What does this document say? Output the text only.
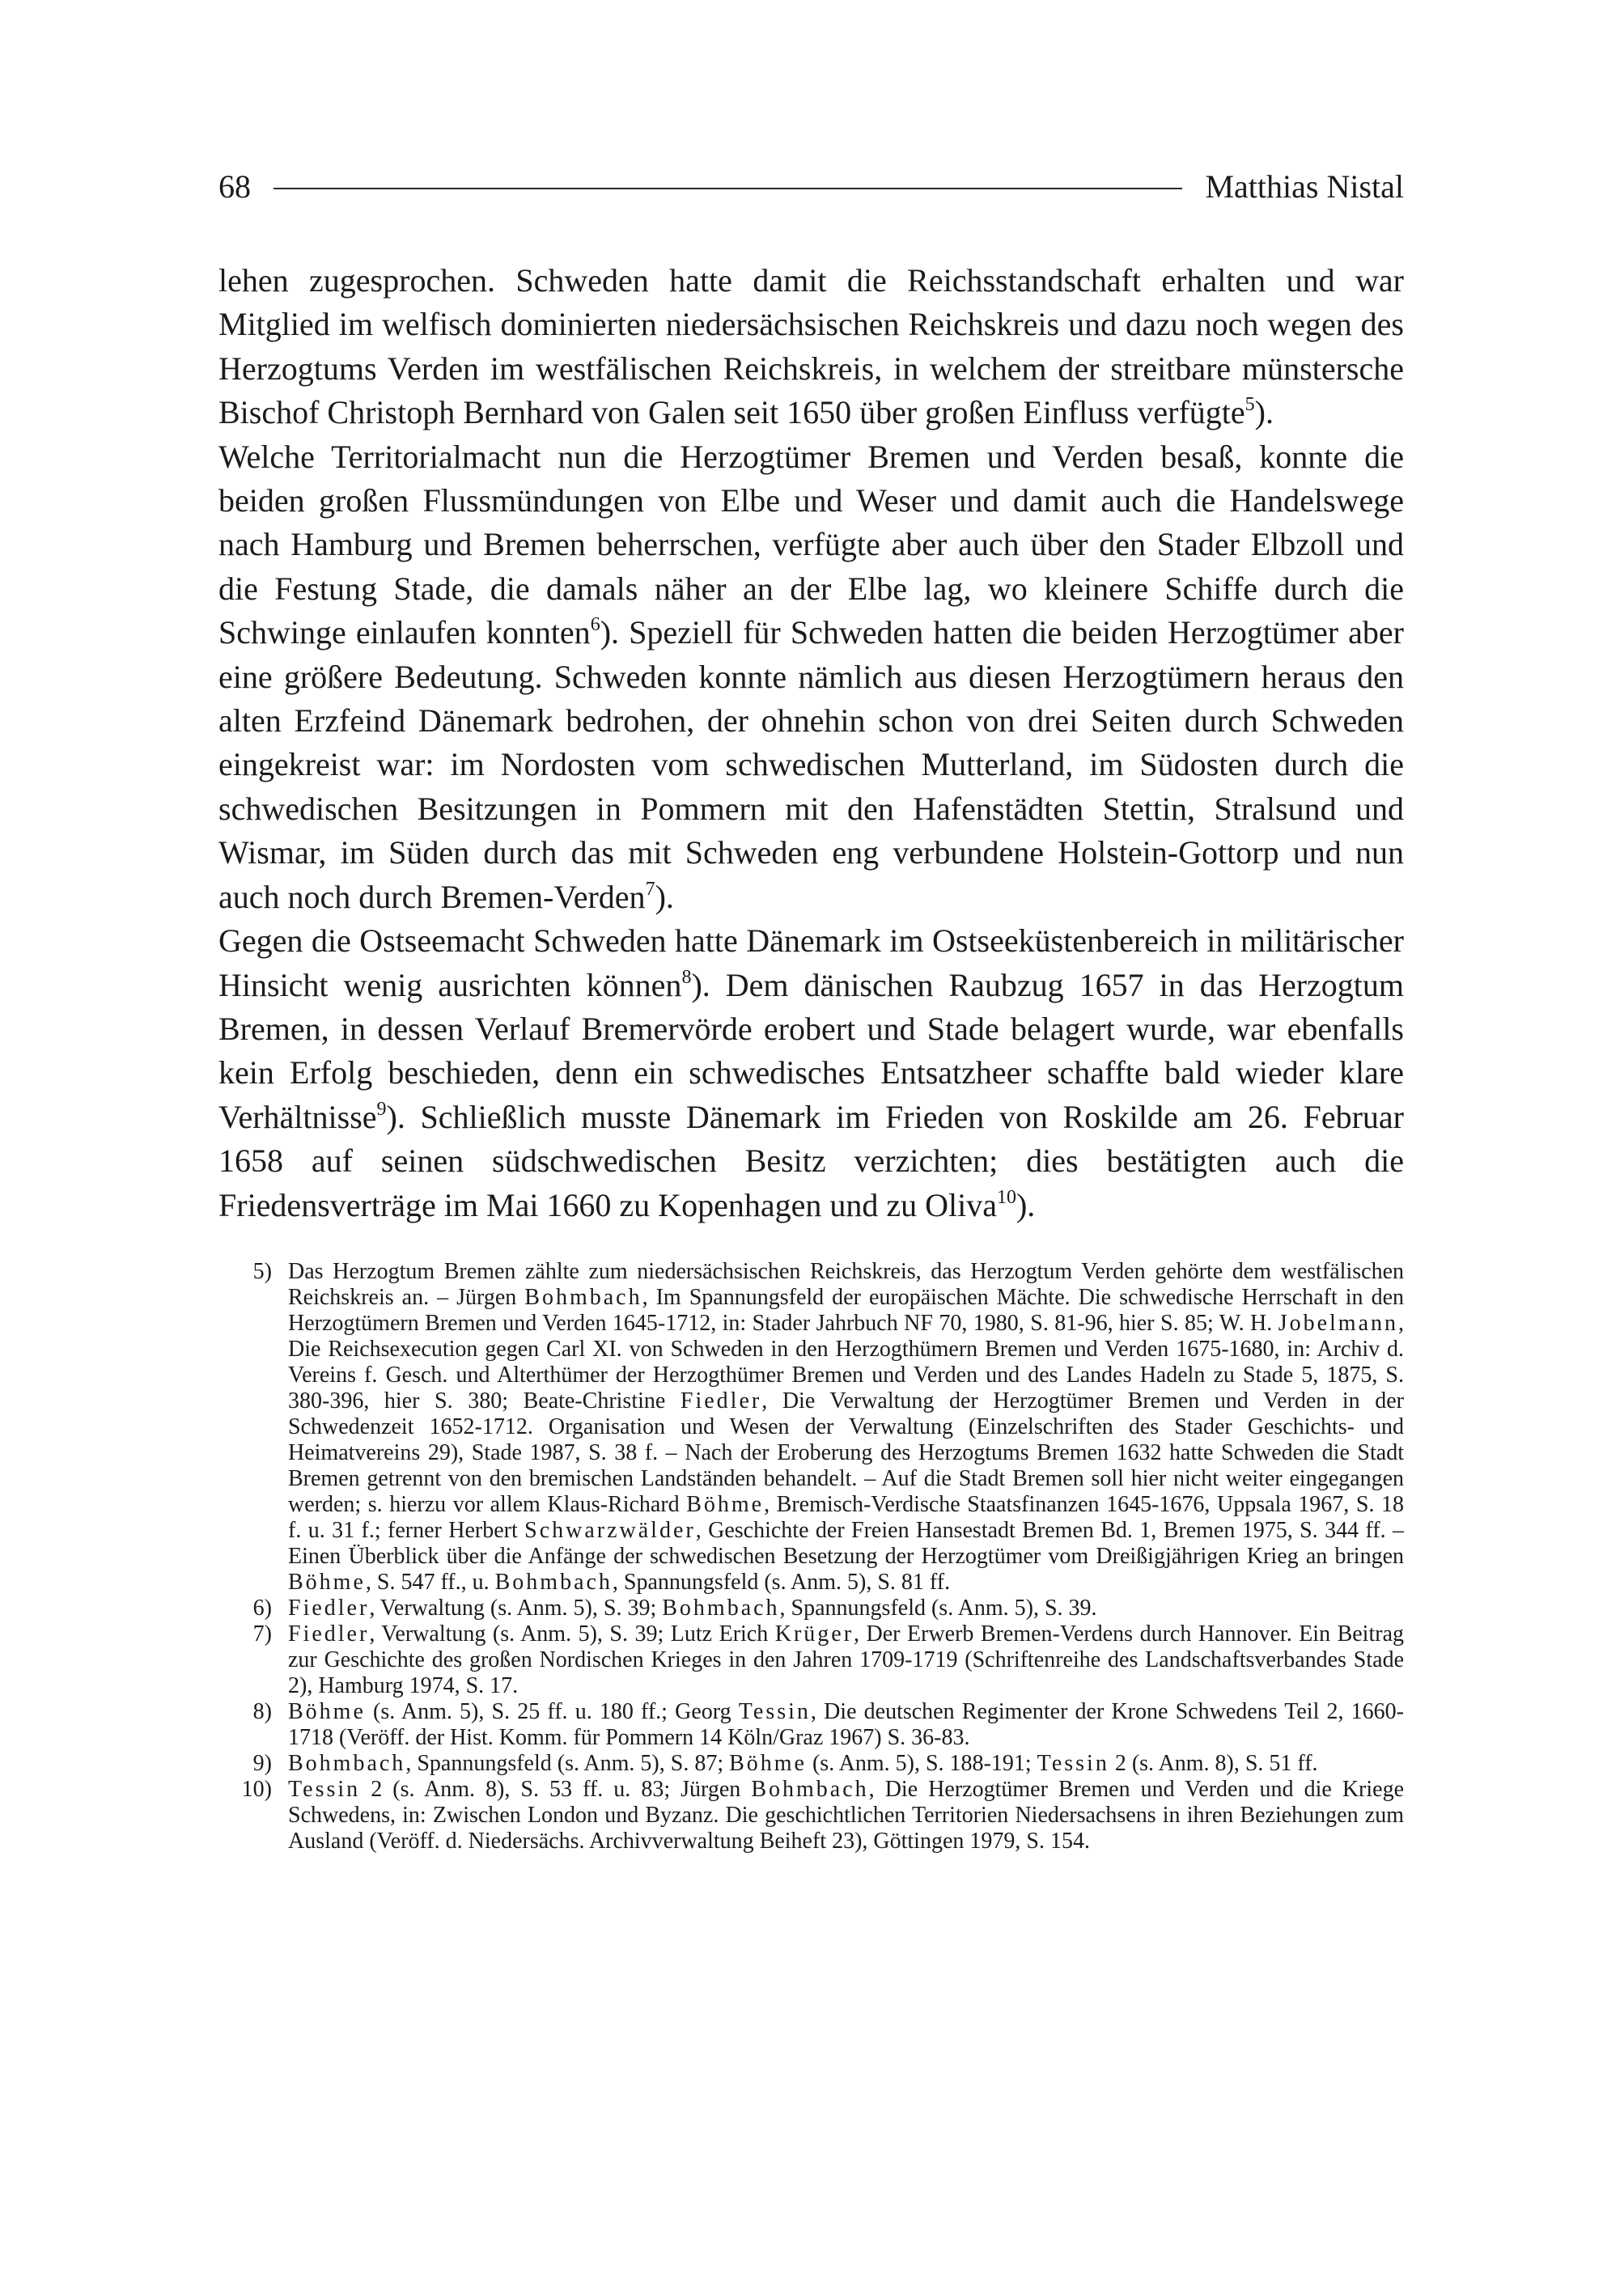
68	Matthias Nistal

lehen zugesprochen. Schweden hatte damit die Reichsstandschaft erhalten und war Mitglied im welfisch dominierten niedersächsischen Reichskreis und dazu noch wegen des Herzogtums Verden im westfälischen Reichskreis, in welchem der streitbare münstersche Bischof Christoph Bernhard von Galen seit 1650 über großen Einfluss verfügte$^5$).

Welche Territorialmacht nun die Herzogtümer Bremen und Verden besaß, konnte die beiden großen Flussmündungen von Elbe und Weser und damit auch die Handelswege nach Hamburg und Bremen beherrschen, verfügte aber auch über den Stader Elbzoll und die Festung Stade, die damals näher an der Elbe lag, wo kleinere Schiffe durch die Schwinge einlaufen konnten$^6$). Speziell für Schweden hatten die beiden Herzogtümer aber eine größere Bedeutung. Schweden konnte nämlich aus diesen Herzogtümern heraus den alten Erzfeind Dänemark bedrohen, der ohnehin schon von drei Seiten durch Schweden eingekreist war: im Nordosten vom schwedischen Mutterland, im Südosten durch die schwedischen Besitzungen in Pommern mit den Hafenstädten Stettin, Stralsund und Wismar, im Süden durch das mit Schweden eng verbundene Holstein-Gottorp und nun auch noch durch Bremen-Verden$^7$).

Gegen die Ostseemacht Schweden hatte Dänemark im Ostseeküstenbereich in militärischer Hinsicht wenig ausrichten können$^8$). Dem dänischen Raubzug 1657 in das Herzogtum Bremen, in dessen Verlauf Bremervörde erobert und Stade belagert wurde, war ebenfalls kein Erfolg beschieden, denn ein schwedisches Entsatzheer schaffte bald wieder klare Verhältnisse$^9$). Schließlich musste Dänemark im Frieden von Roskilde am 26. Februar 1658 auf seinen südschwedischen Besitz verzichten; dies bestätigten auch die Friedensverträge im Mai 1660 zu Kopenhagen und zu Oliva$^{10}$).

5) Das Herzogtum Bremen zählte zum niedersächsischen Reichskreis, das Herzogtum Verden gehörte dem westfälischen Reichskreis an. – Jürgen Bohmbach, Im Spannungsfeld der europäischen Mächte. Die schwedische Herrschaft in den Herzogtümern Bremen und Verden 1645-1712, in: Stader Jahrbuch NF 70, 1980, S. 81-96, hier S. 85; W. H. Jobelmann, Die Reichsexecution gegen Carl XI. von Schweden in den Herzogthümern Bremen und Verden 1675-1680, in: Archiv d. Vereins f. Gesch. und Alterthümer der Herzogthümer Bremen und Verden und des Landes Hadeln zu Stade 5, 1875, S. 380-396, hier S. 380; Beate-Christine Fiedler, Die Verwaltung der Herzogtümer Bremen und Verden in der Schwedenzeit 1652-1712. Organisation und Wesen der Verwaltung (Einzelschriften des Stader Geschichts- und Heimatvereins 29), Stade 1987, S. 38 f. – Nach der Eroberung des Herzogtums Bremen 1632 hatte Schweden die Stadt Bremen getrennt von den bremischen Landständen behandelt. – Auf die Stadt Bremen soll hier nicht weiter eingegangen werden; s. hierzu vor allem Klaus-Richard Böhme, Bremisch-Verdische Staatsfinanzen 1645-1676, Uppsala 1967, S. 18 f. u. 31 f.; ferner Herbert Schwarzwälder, Geschichte der Freien Hansestadt Bremen Bd. 1, Bremen 1975, S. 344 ff. – Einen Überblick über die Anfänge der schwedischen Besetzung der Herzogtümer vom Dreißigjährigen Krieg an bringen Böhme, S. 547 ff., u. Bohmbach, Spannungsfeld (s. Anm. 5), S. 81 ff.
6) Fiedler, Verwaltung (s. Anm. 5), S. 39; Bohmbach, Spannungsfeld (s. Anm. 5), S. 39.
7) Fiedler, Verwaltung (s. Anm. 5), S. 39; Lutz Erich Krüger, Der Erwerb Bremen-Verdens durch Hannover. Ein Beitrag zur Geschichte des großen Nordischen Krieges in den Jahren 1709-1719 (Schriftenreihe des Landschaftsverbandes Stade 2), Hamburg 1974, S. 17.
8) Böhme (s. Anm. 5), S. 25 ff. u. 180 ff.; Georg Tessin, Die deutschen Regimenter der Krone Schwedens Teil 2, 1660-1718 (Veröff. der Hist. Komm. für Pommern 14 Köln/Graz 1967) S. 36-83.
9) Bohmbach, Spannungsfeld (s. Anm. 5), S. 87; Böhme (s. Anm. 5), S. 188-191; Tessin 2 (s. Anm. 8), S. 51 ff.
10) Tessin 2 (s. Anm. 8), S. 53 ff. u. 83; Jürgen Bohmbach, Die Herzogtümer Bremen und Verden und die Kriege Schwedens, in: Zwischen London und Byzanz. Die geschichtlichen Territorien Niedersachsens in ihren Beziehungen zum Ausland (Veröff. d. Niedersächs. Archivverwaltung Beiheft 23), Göttingen 1979, S. 154.
